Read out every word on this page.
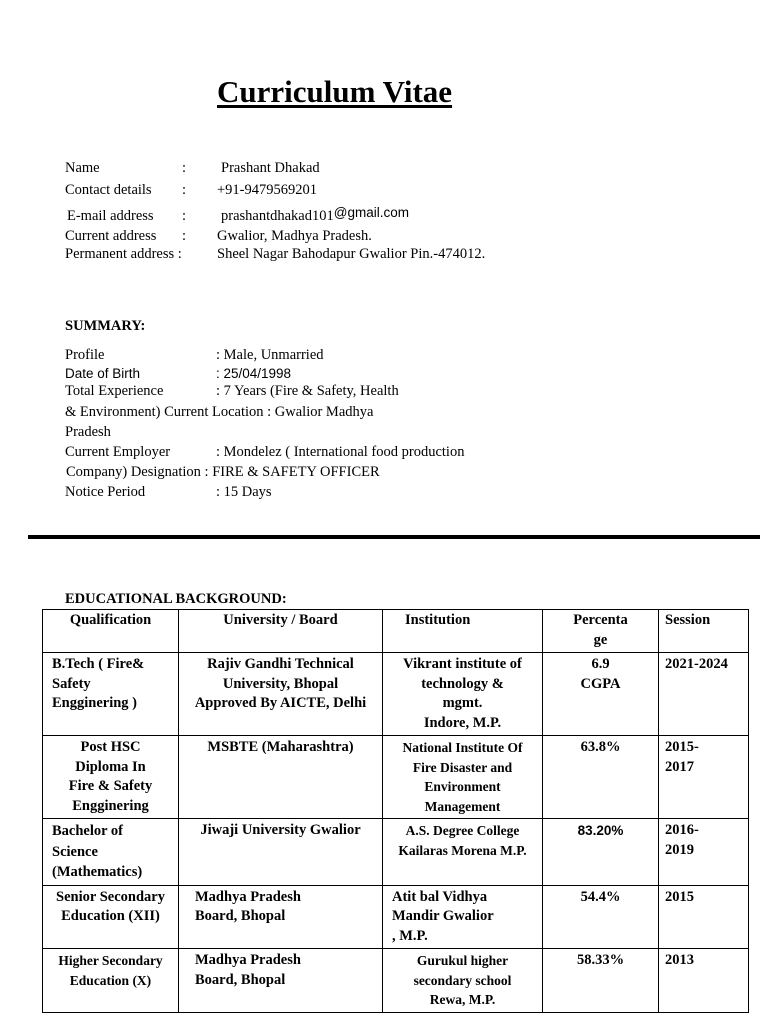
Curriculum Vitae
Name	: Prashant Dhakad
Contact details : +91-9479569201
E-mail address : prashantdhakad101@gmail.com
Current address : Gwalior, Madhya Pradesh.
Permanent address : Sheel Nagar Bahodapur Gwalior Pin.-474012.
SUMMARY:
Profile	: Male, Unmarried
Date of Birth	: 25/04/1998
Total Experience	: 7 Years (Fire & Safety, Health
& Environment) Current Location : Gwalior Madhya
Pradesh
Current Employer	: Mondelez ( International food production
Company) Designation : FIRE & SAFETY OFFICER
Notice Period	: 15 Days
EDUCATIONAL BACKGROUND:
Qualification	University / Board	Institution	Percenta
ge	Session
B.Tech ( Fire&
Safety
Engginering )	Rajiv Gandhi Technical
University, Bhopal
Approved By AICTE, Delhi	Vikrant institute of
technology &
mgmt.
Indore, M.P.	6.9
CGPA	2021-2024
Post HSC
Diploma In
Fire & Safety
Engginering	MSBTE (Maharashtra)	National Institute Of
Fire Disaster and
Environment
Management	63.8%	2015-
2017
Bachelor of
Science
(Mathematics)	Jiwaji University Gwalior	A.S. Degree College
Kailaras Morena M.P.	83.20%	2016-
2019
Senior Secondary
Education (XII)	Madhya Pradesh
Board, Bhopal	Atit bal Vidhya
Mandir Gwalior
, M.P.	54.4%	2015
Higher Secondary
Education (X)	Madhya Pradesh
Board, Bhopal	Gurukul higher
secondary school
Rewa, M.P.	58.33%	2013
